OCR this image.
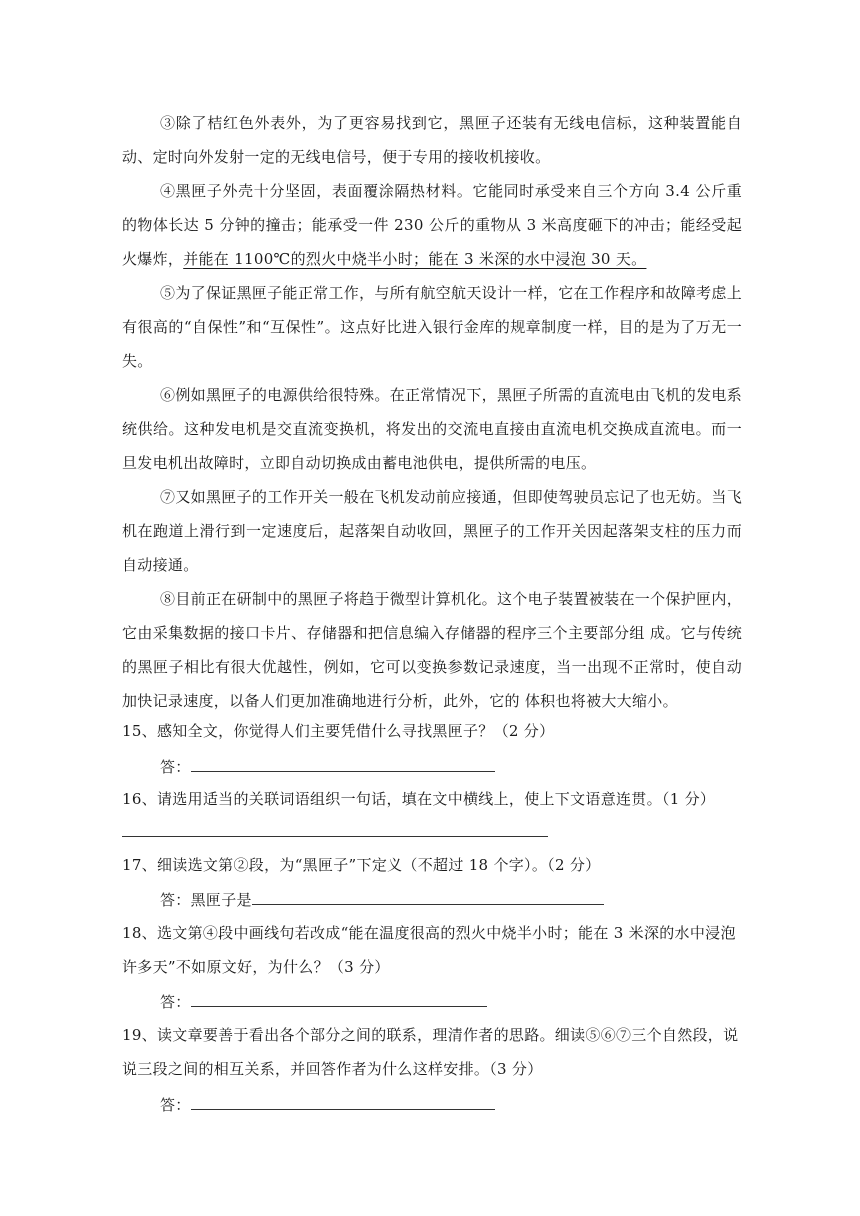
③除了桔红色外表外，为了更容易找到它，黑匣子还装有无线电信标，这种装置能自动、定时向外发射一定的无线电信号，便于专用的接收机接收。

④黑匣子外壳十分坚固，表面覆涂隔热材料。它能同时承受来自三个方向 3.4 公斤重的物体长达 5 分钟的撞击；能承受一件 230 公斤的重物从 3 米高度砸下的冲击；能经受起火爆炸，并能在 1100℃的烈火中烧半小时；能在 3 米深的水中浸泡 30 天。

⑤为了保证黑匣子能正常工作，与所有航空航天设计一样，它在工作程序和故障考虑上有很高的“自保性”和“互保性”。这点好比进入银行金库的规章制度一样，目的是为了万无一失。

⑥例如黑匣子的电源供给很特殊。在正常情况下，黑匣子所需的直流电由飞机的发电系统供给。这种发电机是交直流变换机，将发出的交流电直接由直流电机交换成直流电。而一旦发电机出故障时，立即自动切换成由蓄电池供电，提供所需的电压。

⑦又如黑匣子的工作开关一般在飞机发动前应接通，但即使驾驶员忘记了也无妨。当飞机在跑道上滑行到一定速度后，起落架自动收回，黑匣子的工作开关因起落架支柱的压力而自动接通。

⑧目前正在研制中的黑匣子将趋于微型计算机化。这个电子装置被装在一个保护匣内，它由采集数据的接口卡片、存储器和把信息编入存储器的程序三个主要部分组 成。它与传统的黑匣子相比有很大优越性，例如，它可以变换参数记录速度，当一出现不正常时，使自动加快记录速度，以备人们更加准确地进行分析，此外，它的 体积也将被大大缩小。

15、感知全文，你觉得人们主要凭借什么寻找黑匣子？（2 分）

答：

16、请选用适当的关联词语组织一句话，填在文中横线上，使上下文语意连贯。（1 分）

17、细读选文第②段，为“黑匣子”下定义（不超过 18 个字）。（2 分）

答：黑匣子是

18、选文第④段中画线句若改成“能在温度很高的烈火中烧半小时；能在 3 米深的水中浸泡许多天”不如原文好，为什么？（3 分）

答：

19、读文章要善于看出各个部分之间的联系，理清作者的思路。细读⑤⑥⑦三个自然段，说说三段之间的相互关系，并回答作者为什么这样安排。（3 分）

答：
